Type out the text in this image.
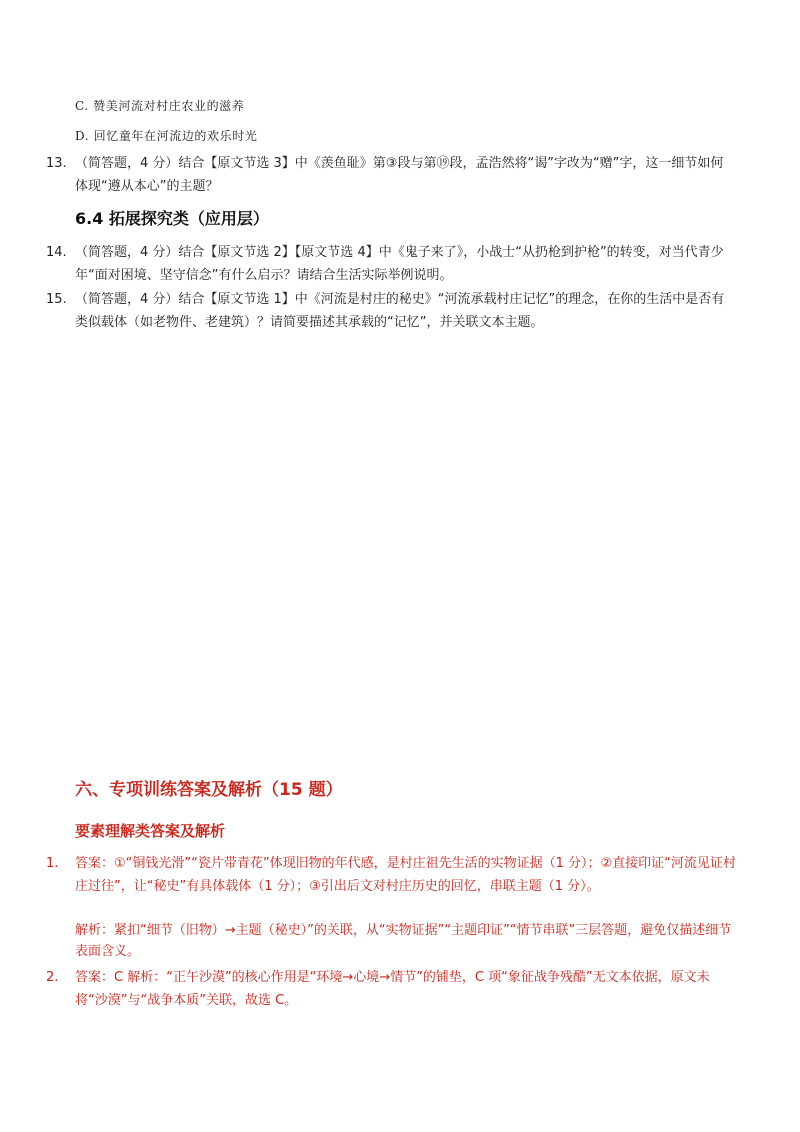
C. 赞美河流对村庄农业的滋养
D. 回忆童年在河流边的欢乐时光
13. （简答题，4 分）结合【原文节选 3】中《羡鱼耻》第③段与第⑲段，孟浩然将“谒”字改为“赠”字，这一细节如何体现“遵从本心”的主题？
6.4 拓展探究类（应用层）
14. （简答题，4 分）结合【原文节选 2】【原文节选 4】中《鬼子来了》，小战士“从扔枪到护枪”的转变，对当代青少年“面对困境、坚守信念”有什么启示？请结合生活实际举例说明。
15. （简答题，4 分）结合【原文节选 1】中《河流是村庄的秘史》“河流承载村庄记忆”的理念，在你的生活中是否有类似载体（如老物件、老建筑）？请简要描述其承载的“记忆”，并关联文本主题。
六、专项训练答案及解析（15 题）
要素理解类答案及解析
1. 答案：①“铜钱光滑”“瓷片带青花”体现旧物的年代感，是村庄祖先生活的实物证据（1 分）；②直接印证“河流见证村庄过往”，让“秘史”有具体载体（1 分）；③引出后文对村庄历史的回忆，串联主题（1 分）。
解析：紧扣“细节（旧物）→主题（秘史）”的关联，从“实物证据”“主题印证”“情节串联”三层答题，避免仅描述细节表面含义。
2. 答案：C 解析：“正午沙漠”的核心作用是“环境→心境→情节”的铺垫，C 项“象征战争残酷”无文本依据，原文未将“沙漠”与“战争本质”关联，故选 C。
